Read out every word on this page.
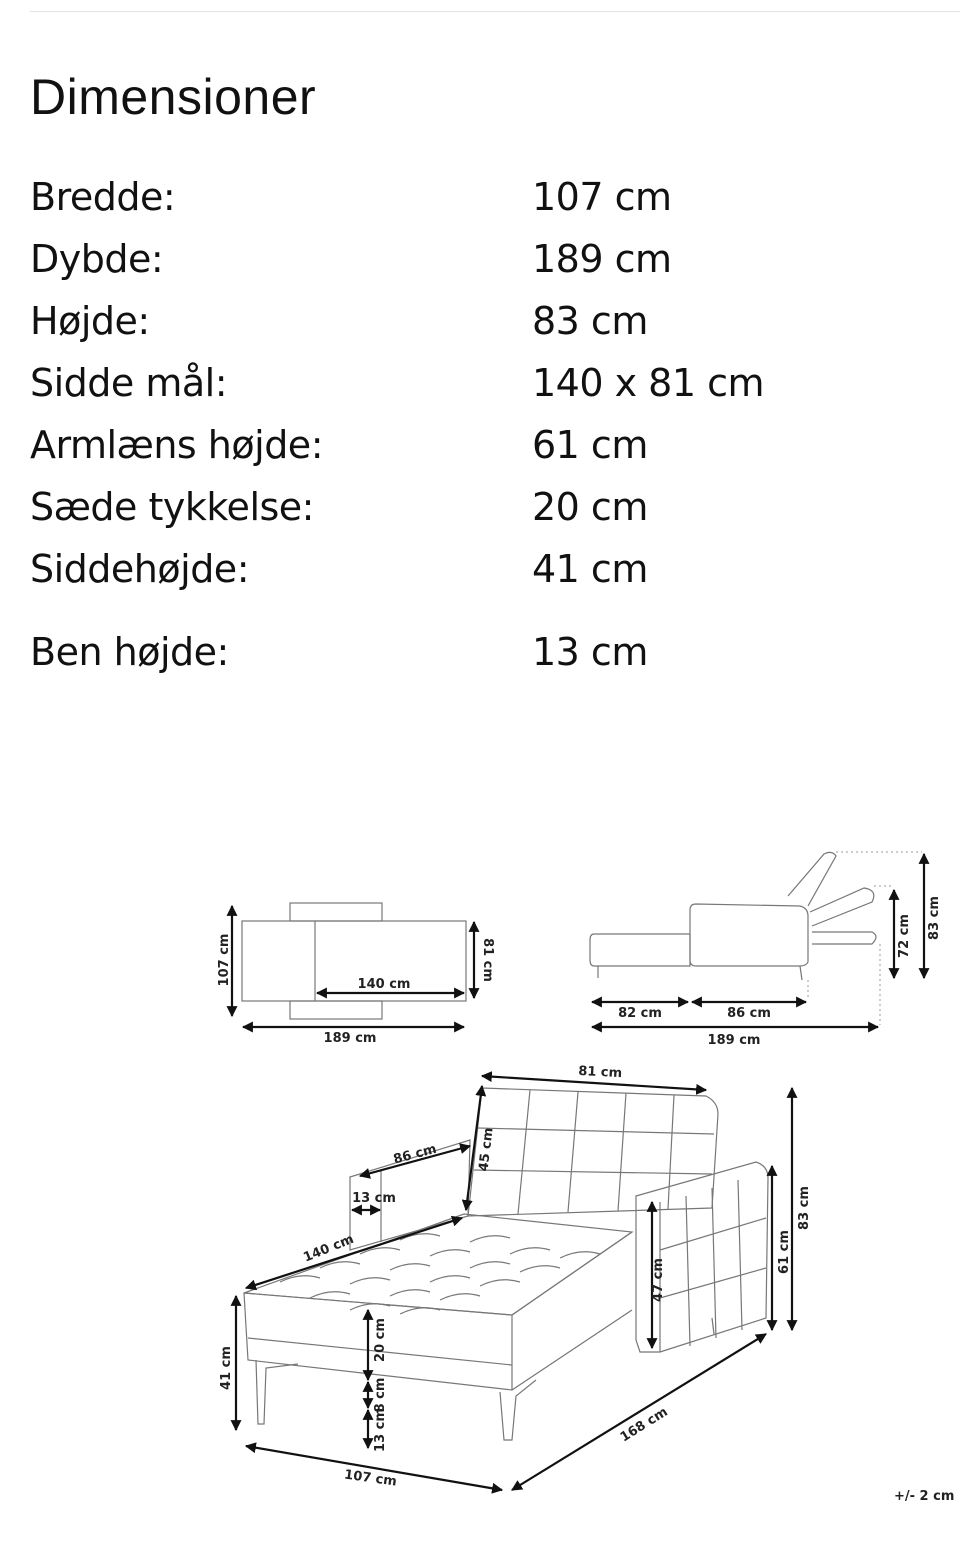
Dimensioner
Bredde:	107 cm
Dybde:	189 cm
Højde:	83 cm
Sidde mål:	140 x 81 cm
Armlæns højde:	61 cm
Sæde tykkelse:	20 cm
Siddehøjde:	41 cm
Ben højde:	13 cm
107 cm	81 cm
140 cm
189 cm
82 cm	86 cm
189 cm
72 cm 83 cm
81 cm
45 cm
86 cm
13 cm
140 cm
41 cm
20 cm
8 cm
13 cm
107 cm
168 cm
47 cm
61 cm
83 cm
+/- 2 cm
